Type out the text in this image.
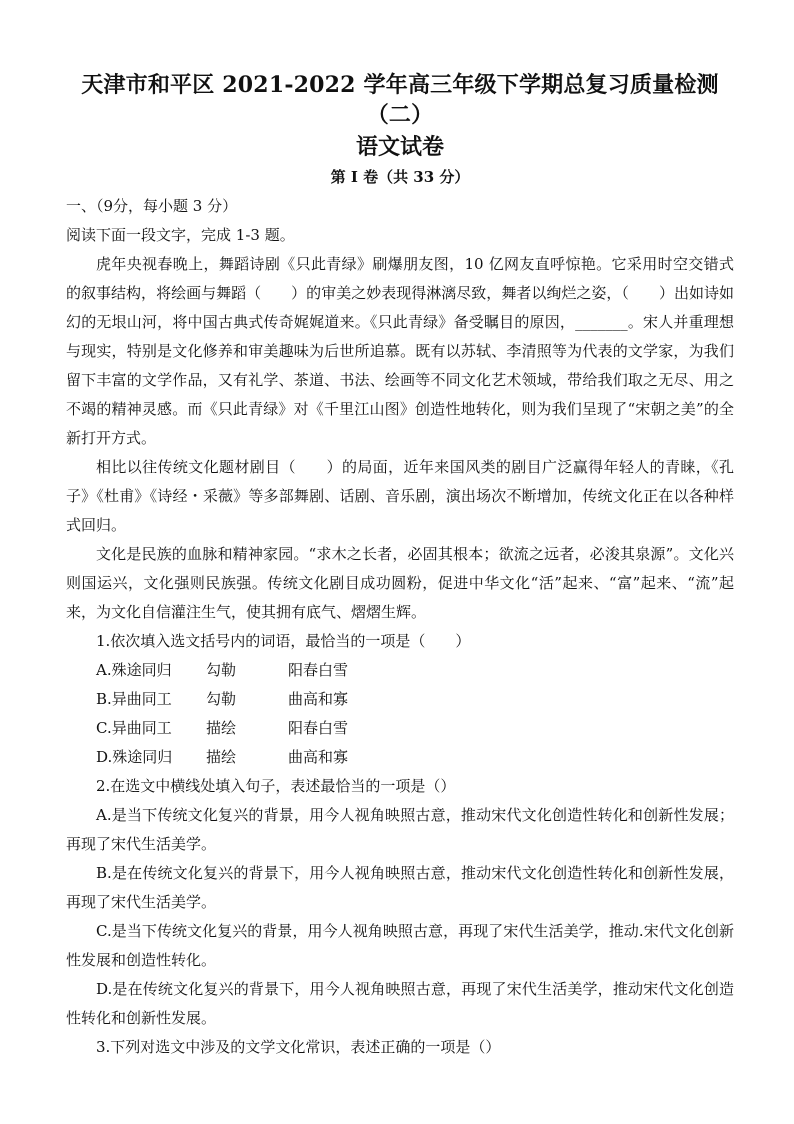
天津市和平区 2021-2022 学年高三年级下学期总复习质量检测（二）
语文试卷
第 I 卷（共 33 分）

一、（9分，每小题 3 分）

阅读下面一段文字，完成 1-3 题。

虎年央视春晚上，舞蹈诗剧《只此青绿》刷爆朋友图，10 亿网友直呼惊艳。它采用时空交错式的叙事结构，将绘画与舞蹈（　　）的审美之妙表现得淋漓尽致，舞者以绚烂之姿，（　　）出如诗如幻的无垠山河，将中国古典式传奇娓娓道来。《只此青绿》备受瞩目的原因，_______。宋人并重理想与现实，特别是文化修养和审美趣味为后世所追慕。既有以苏轼、李清照等为代表的文学家，为我们留下丰富的文学作品，又有礼学、茶道、书法、绘画等不同文化艺术领域，带给我们取之无尽、用之不竭的精神灵感。而《只此青绿》对《千里江山图》创造性地转化，则为我们呈现了“宋朝之美”的全新打开方式。

相比以往传统文化题材剧目（　　）的局面，近年来国风类的剧目广泛赢得年轻人的青睐，《孔子》《杜甫》《诗经・采薇》等多部舞剧、话剧、音乐剧，演出场次不断增加，传统文化正在以各种样式回归。

文化是民族的血脉和精神家园。“求木之长者，必固其根本；欲流之远者，必浚其泉源”。文化兴则国运兴，文化强则民族强。传统文化剧目成功圆粉，促进中华文化“活”起来、“富”起来、“流”起来，为文化自信灌注生气，使其拥有底气、熠熠生辉。

1.依次填入选文括号内的词语，最恰当的一项是（　　）

A.殊途同归	勾勒	阳春白雪
B.异曲同工	勾勒	曲高和寡
C.异曲同工	描绘	阳春白雪
D.殊途同归	描绘	曲高和寡

2.在选文中横线处填入句子，表述最恰当的一项是（）

A.是当下传统文化复兴的背景，用今人视角映照古意，推动宋代文化创造性转化和创新性发展；再现了宋代生活美学。

B.是在传统文化复兴的背景下，用今人视角映照古意，推动宋代文化创造性转化和创新性发展，再现了宋代生活美学。

C.是当下传统文化复兴的背景，用今人视角映照古意，再现了宋代生活美学，推动.宋代文化创新性发展和创造性转化。

D.是在传统文化复兴的背景下，用今人视角映照古意，再现了宋代生活美学，推动宋代文化创造性转化和创新性发展。

3.下列对选文中涉及的文学文化常识，表述正确的一项是（）
